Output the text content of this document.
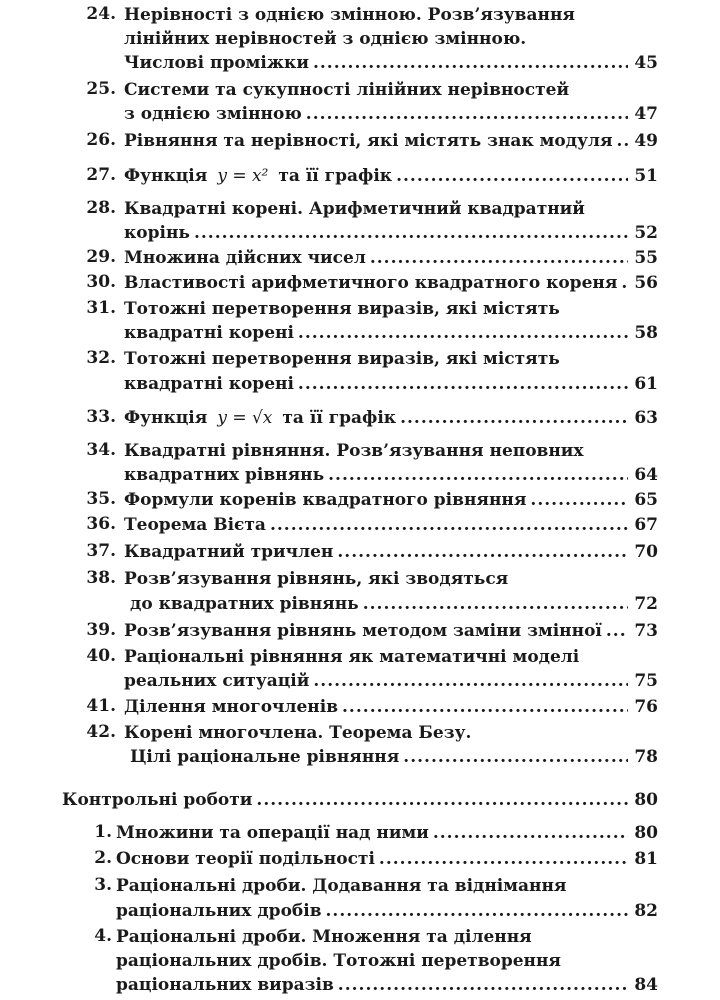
24. Нерівності з однією змінною. Розв’язування
лінійних нерівностей з однією змінною.
Числові проміжки .....	45
25. Системи та сукупності лінійних нерівностей
з однією змінною .....	47
26. Рівняння та нерівності, які містять знак модуля ..... 49
27. Функція y = x² та її графік .....	51
28. Квадратні корені. Арифметичний квадратний
корінь .....	52
29. Множина дійсних чисел .....	55
30. Властивості арифметичного квадратного кореня ..... 56
31. Тотожні перетворення виразів, які містять
квадратні корені .....	58
32. Тотожні перетворення виразів, які містять
квадратні корені .....	61
33. Функція y = √x та її графік .....	63
34. Квадратні рівняння. Розв’язування неповних
квадратних рівнянь .....	64
35. Формули коренів квадратного рівняння .....	65
36. Теорема Вієта .....	67
37. Квадратний тричлен .....	70
38. Розв’язування рівнянь, які зводяться
до квадратних рівнянь .....	72
39. Розв’язування рівнянь методом заміни змінної ..... 73
40. Раціональні рівняння як математичні моделі
реальних ситуацій .....	75
41. Ділення многочленів .....	76
42. Корені многочлена. Теорема Безу.
Цілі раціональне рівняння .....	78
Контрольні роботи .....	80
1. Множини та операції над ними .....	80
2. Основи теорії подільності .....	81
3. Раціональні дроби. Додавання та віднімання
раціональних дробів .....	82
4. Раціональні дроби. Множення та ділення
раціональних дробів. Тотожні перетворення
раціональних виразів .....	84
